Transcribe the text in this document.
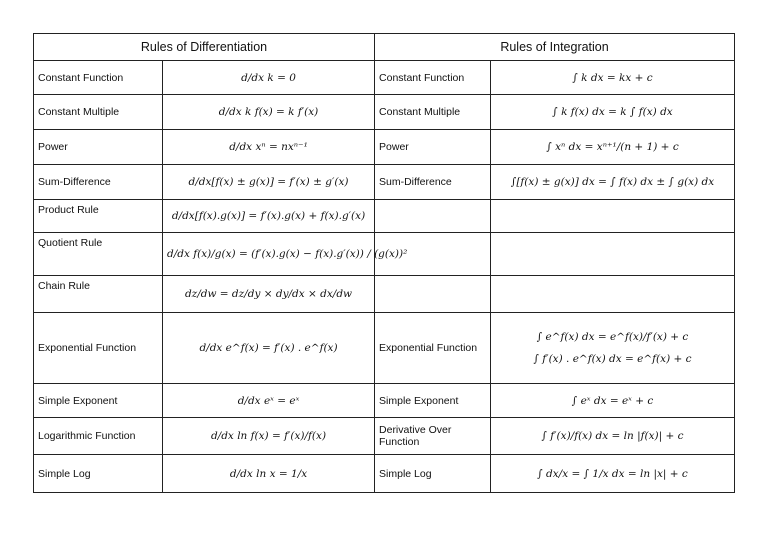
Rules of Differentiation		Rules of Integration	
Constant Function	d/dx k = 0	Constant Function	∫ k dx = kx + c

Constant Multiple	d/dx k f(x) = k f′(x)	Constant Multiple	∫ k f(x) dx = k ∫ f(x) dx

Power	d/dx xⁿ = nxⁿ⁻¹	Power	∫ xⁿ dx = xⁿ⁺¹/(n + 1) + c

Sum-Difference	d/dx[f(x) ± g(x)] = f′(x) ± g′(x)	Sum-Difference	∫[f(x) ± g(x)] dx = ∫ f(x) dx ± ∫ g(x) dx

Product Rule	d/dx[f(x).g(x)] = f′(x).g(x) + f(x).g′(x)		
Quotient Rule	d/dx f(x)/g(x) = (f′(x).g(x) − f(x).g′(x)) / (g(x))²		
Chain Rule	dz/dw = dz/dy × dy/dx × dx/dw		
Exponential Function	d/dx e^f(x) = f′(x) . e^f(x)	Exponential Function	∫ e^f(x) dx = e^f(x)/f′(x) + c
∫ f′(x) . e^f(x) dx = e^f(x) + c

Simple Exponent	d/dx eˣ = eˣ	Simple Exponent	∫ eˣ dx = eˣ + c

Logarithmic Function	d/dx ln f(x) = f′(x)/f(x)	Derivative Over Function	∫ f′(x)/f(x) dx = ln |f(x)| + c

Simple Log	d/dx ln x = 1/x	Simple Log	∫ dx/x = ∫ 1/x dx = ln |x| + c
